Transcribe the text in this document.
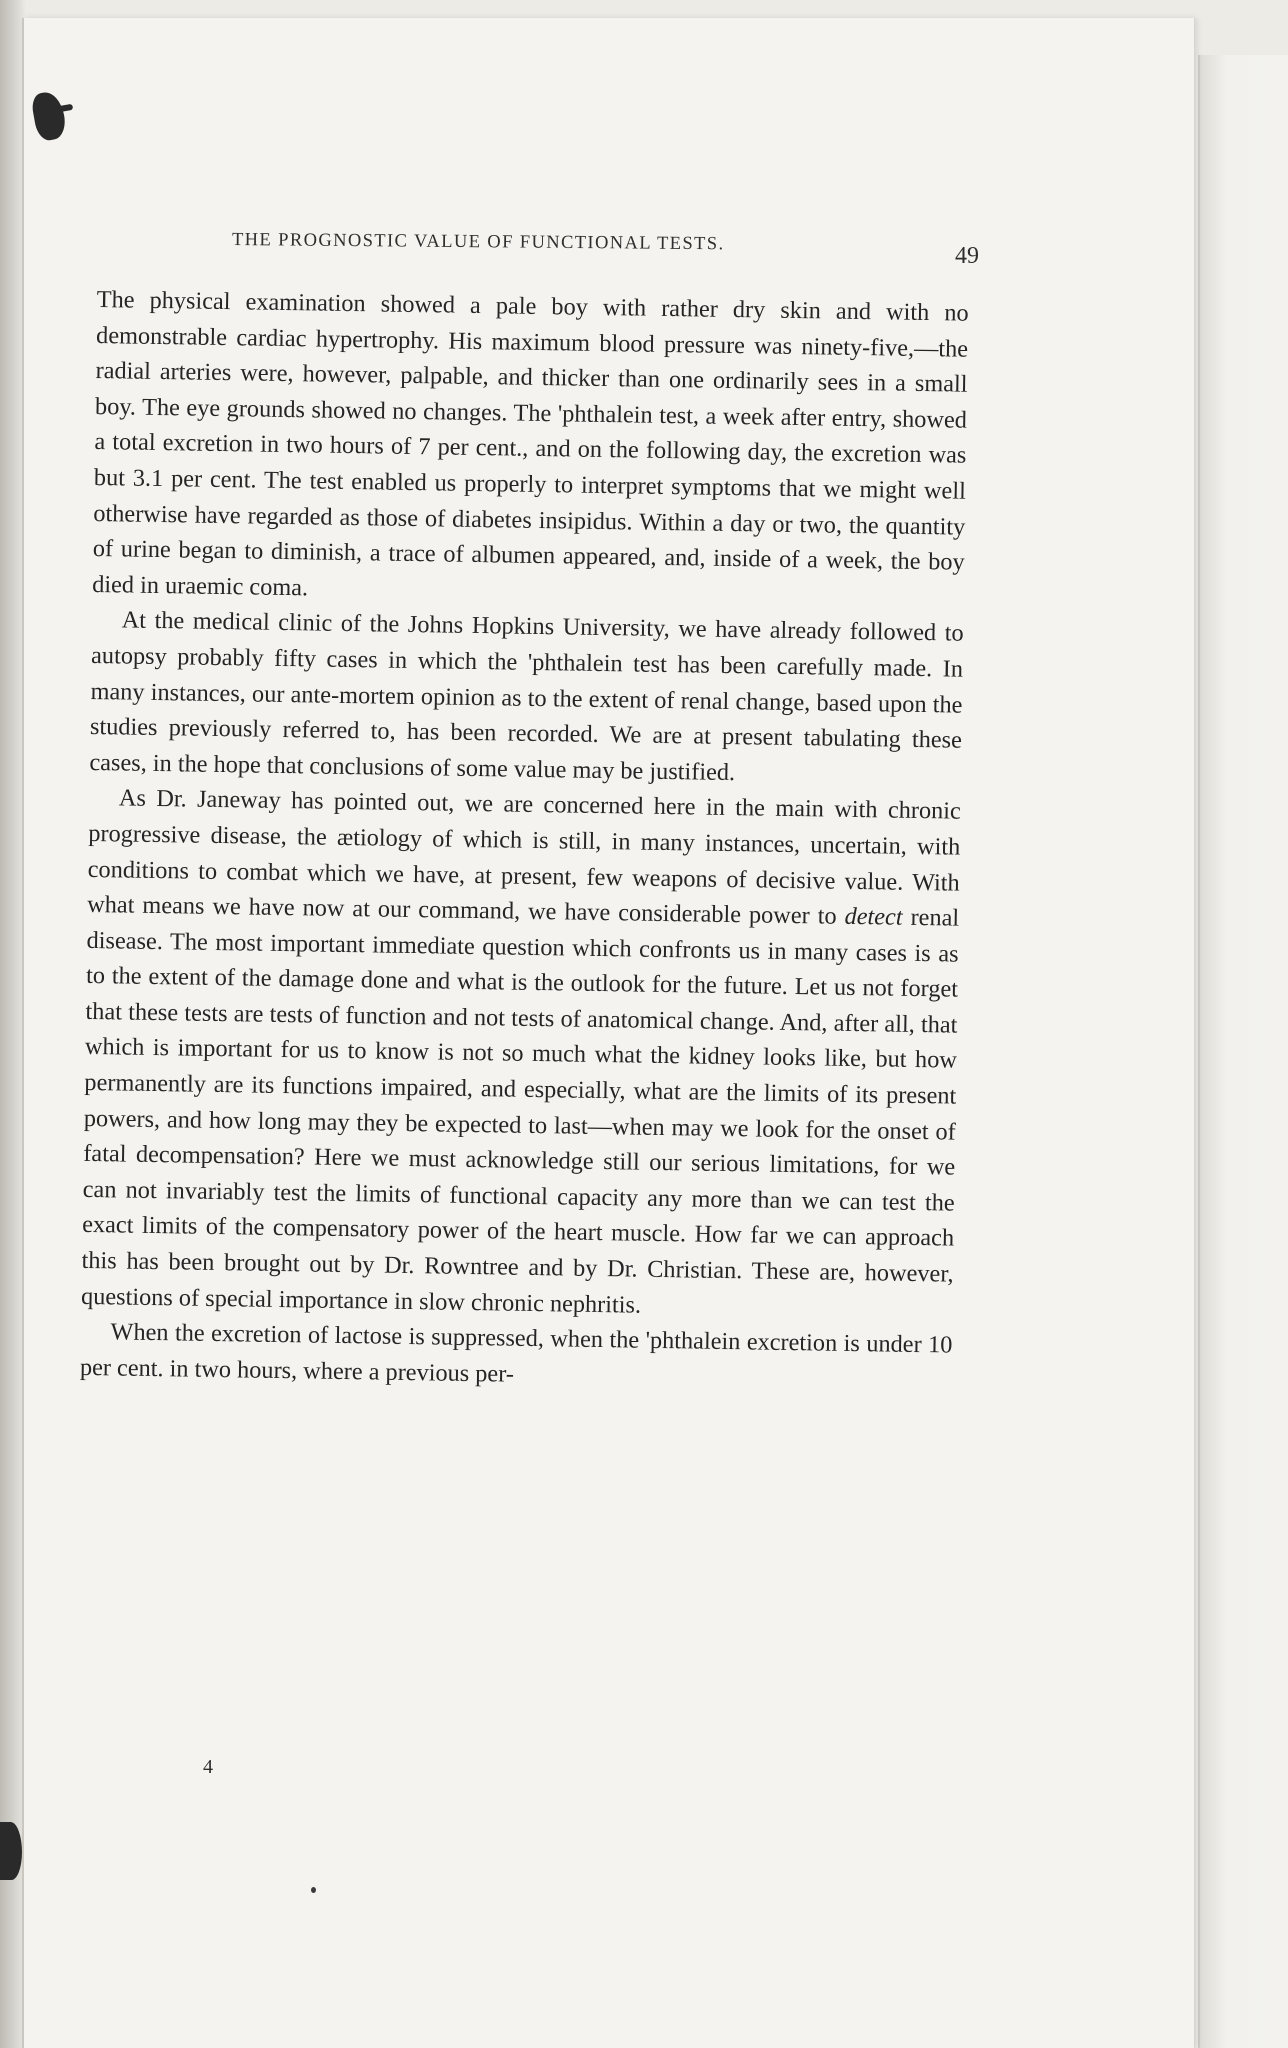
THE PROGNOSTIC VALUE OF FUNCTIONAL TESTS.
49

The physical examination showed a pale boy with rather dry skin and with no demonstrable cardiac hypertrophy. His maximum blood pressure was ninety-five,—the radial arteries were, however, palpable, and thicker than one ordinarily sees in a small boy. The eye grounds showed no changes. The 'phthalein test, a week after entry, showed a total excretion in two hours of 7 per cent., and on the following day, the excretion was but 3.1 per cent. The test enabled us properly to interpret symptoms that we might well otherwise have regarded as those of diabetes insipidus. Within a day or two, the quantity of urine began to diminish, a trace of albumen appeared, and, inside of a week, the boy died in uraemic coma.

At the medical clinic of the Johns Hopkins University, we have already followed to autopsy probably fifty cases in which the 'phthalein test has been carefully made. In many instances, our ante-mortem opinion as to the extent of renal change, based upon the studies previously referred to, has been recorded. We are at present tabulating these cases, in the hope that conclusions of some value may be justified.

As Dr. Janeway has pointed out, we are concerned here in the main with chronic progressive disease, the ætiology of which is still, in many instances, uncertain, with conditions to combat which we have, at present, few weapons of decisive value. With what means we have now at our command, we have considerable power to detect renal disease. The most important immediate question which confronts us in many cases is as to the extent of the damage done and what is the outlook for the future. Let us not forget that these tests are tests of function and not tests of anatomical change. And, after all, that which is important for us to know is not so much what the kidney looks like, but how permanently are its functions impaired, and especially, what are the limits of its present powers, and how long may they be expected to last—when may we look for the onset of fatal decompensation? Here we must acknowledge still our serious limitations, for we can not invariably test the limits of functional capacity any more than we can test the exact limits of the compensatory power of the heart muscle. How far we can approach this has been brought out by Dr. Rowntree and by Dr. Christian. These are, however, questions of special importance in slow chronic nephritis.

When the excretion of lactose is suppressed, when the 'phthalein excretion is under 10 per cent. in two hours, where a previous per-

4
